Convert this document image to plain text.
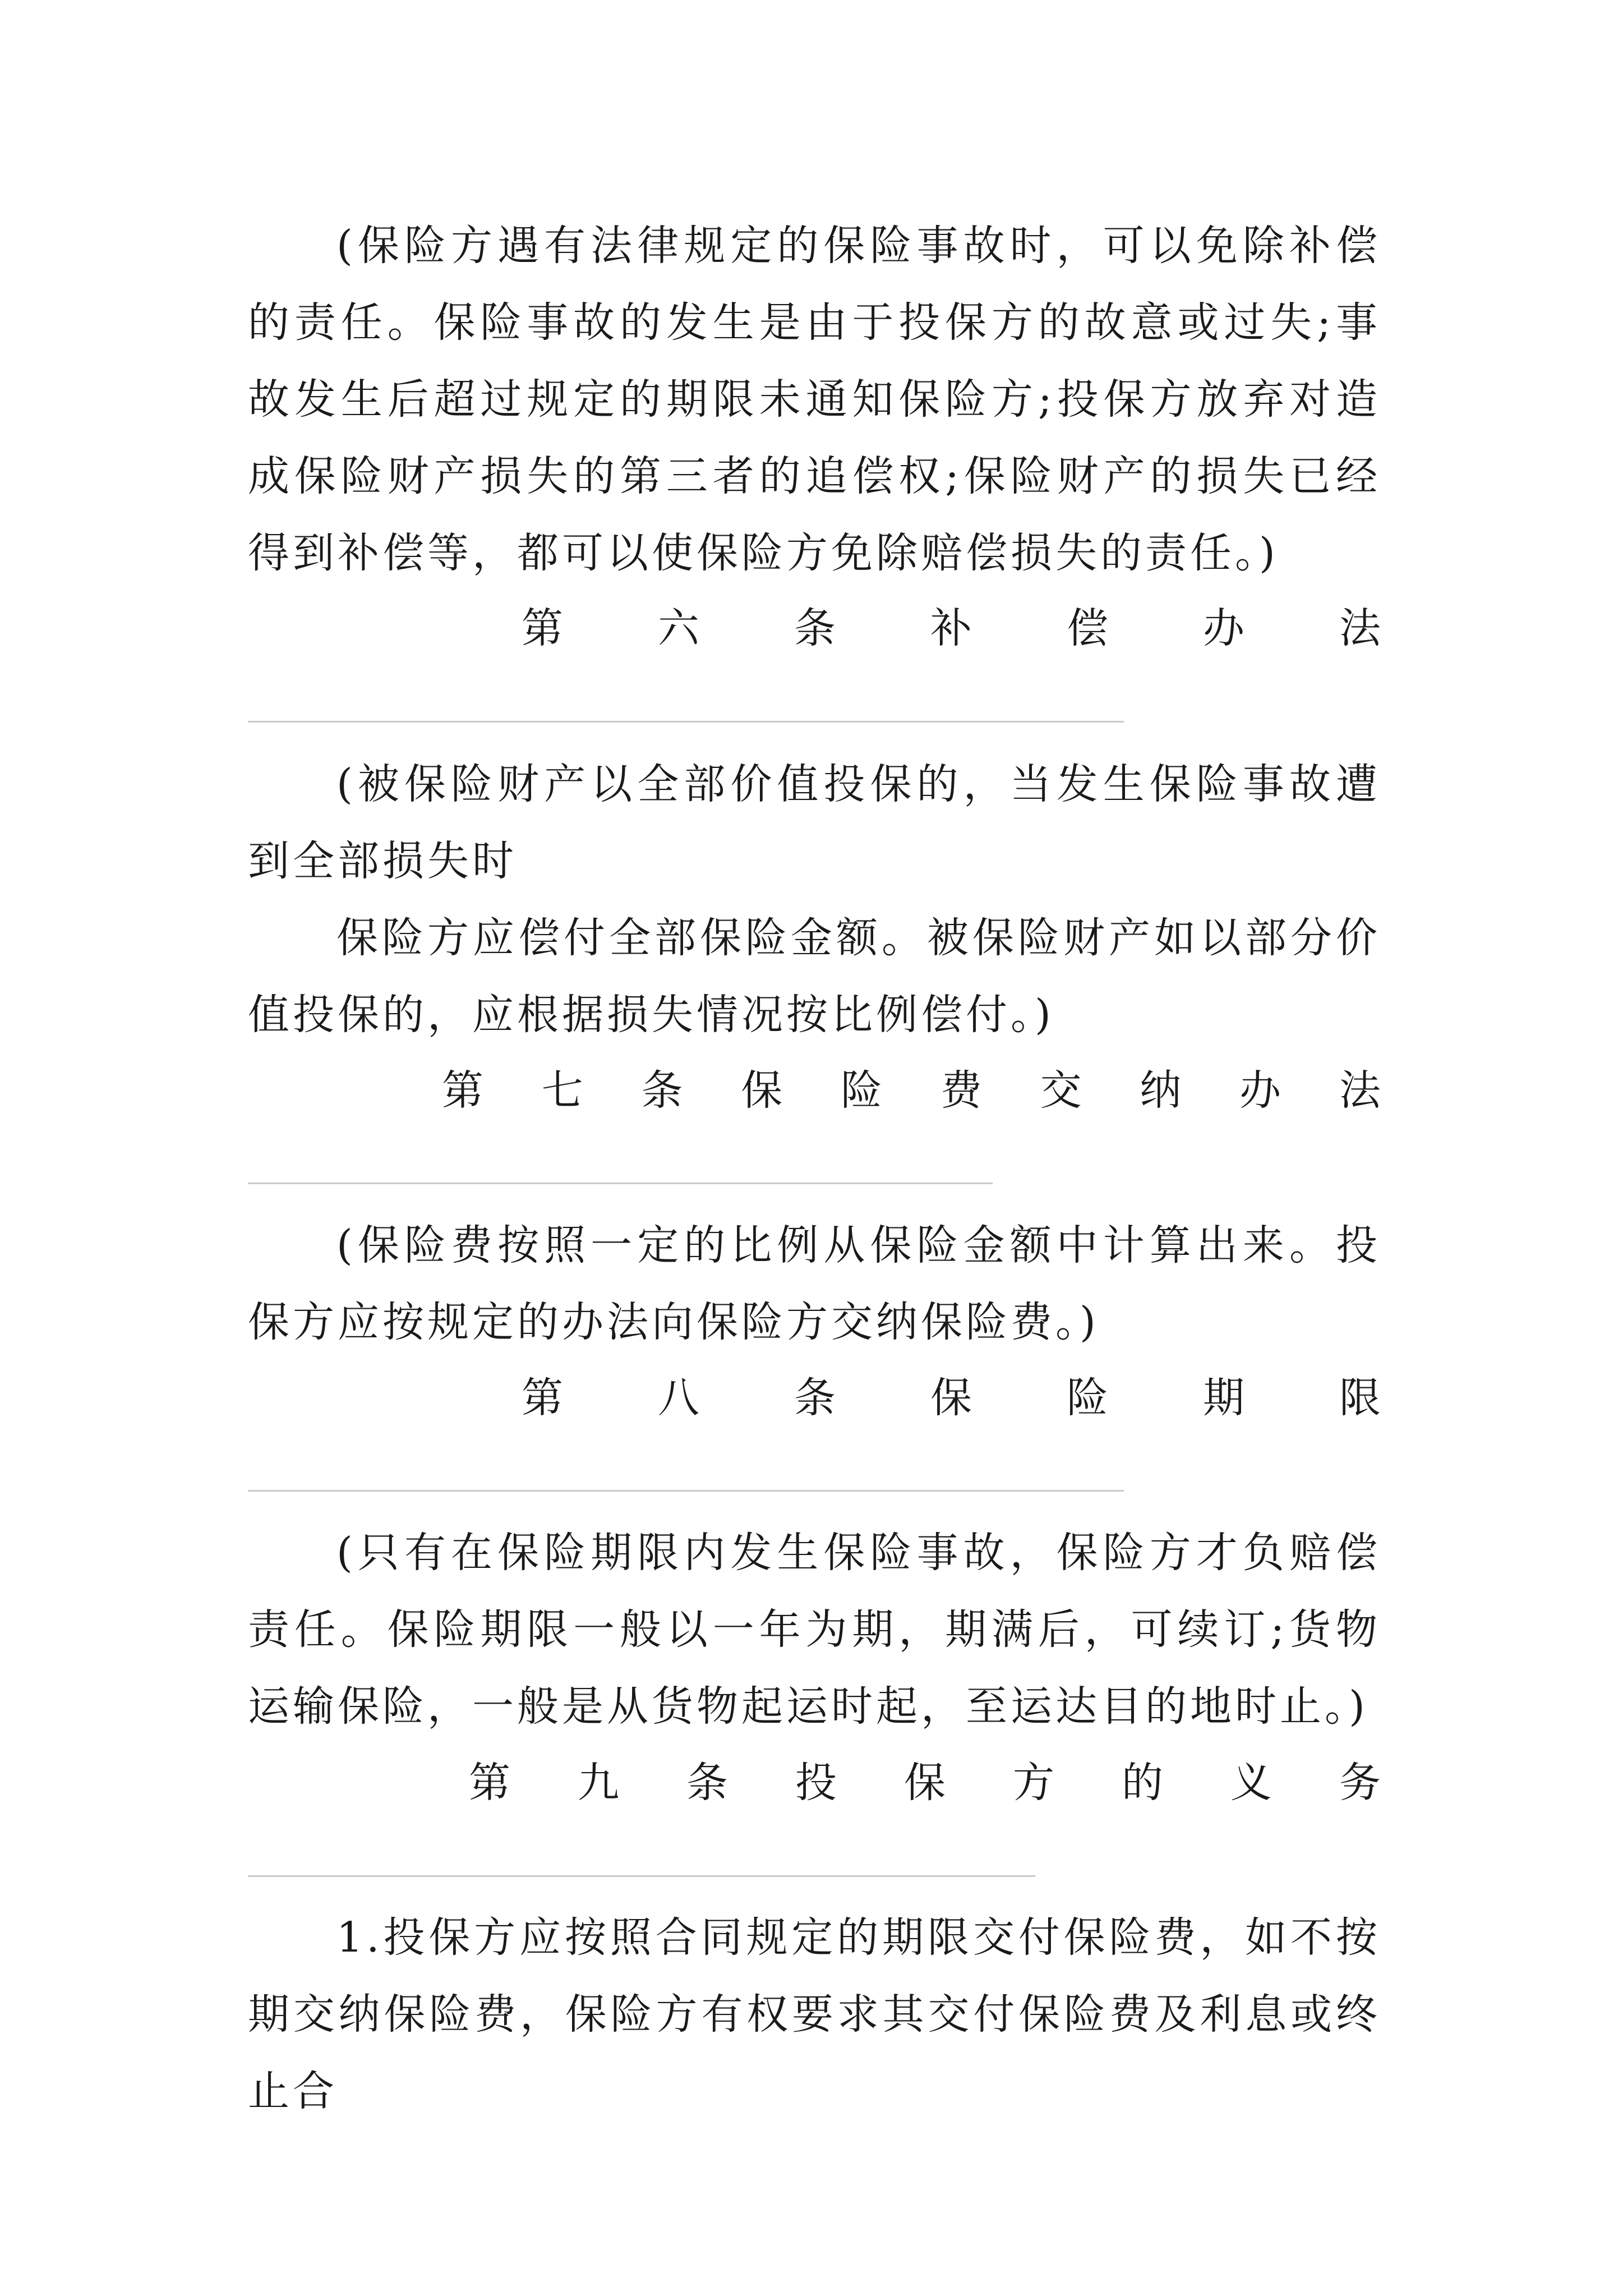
(保险方遇有法律规定的保险事故时，可以免除补偿的责任。保险事故的发生是由于投保方的故意或过失;事故发生后超过规定的期限未通知保险方;投保方放弃对造成保险财产损失的第三者的追偿权;保险财产的损失已经得到补偿等，都可以使保险方免除赔偿损失的责任。)

第 六 条 补 偿 办 法

(被保险财产以全部价值投保的，当发生保险事故遭到全部损失时

保险方应偿付全部保险金额。被保险财产如以部分价值投保的，应根据损失情况按比例偿付。)

第 七 条 保 险 费 交 纳 办 法

(保险费按照一定的比例从保险金额中计算出来。投保方应按规定的办法向保险方交纳保险费。)

第 八 条 保 险 期 限

(只有在保险期限内发生保险事故，保险方才负赔偿责任。保险期限一般以一年为期，期满后，可续订;货物运输保险，一般是从货物起运时起，至运达目的地时止。)

第 九 条 投 保 方 的 义 务

1.投保方应按照合同规定的期限交付保险费，如不按期交纳保险费，保险方有权要求其交付保险费及利息或终止合
